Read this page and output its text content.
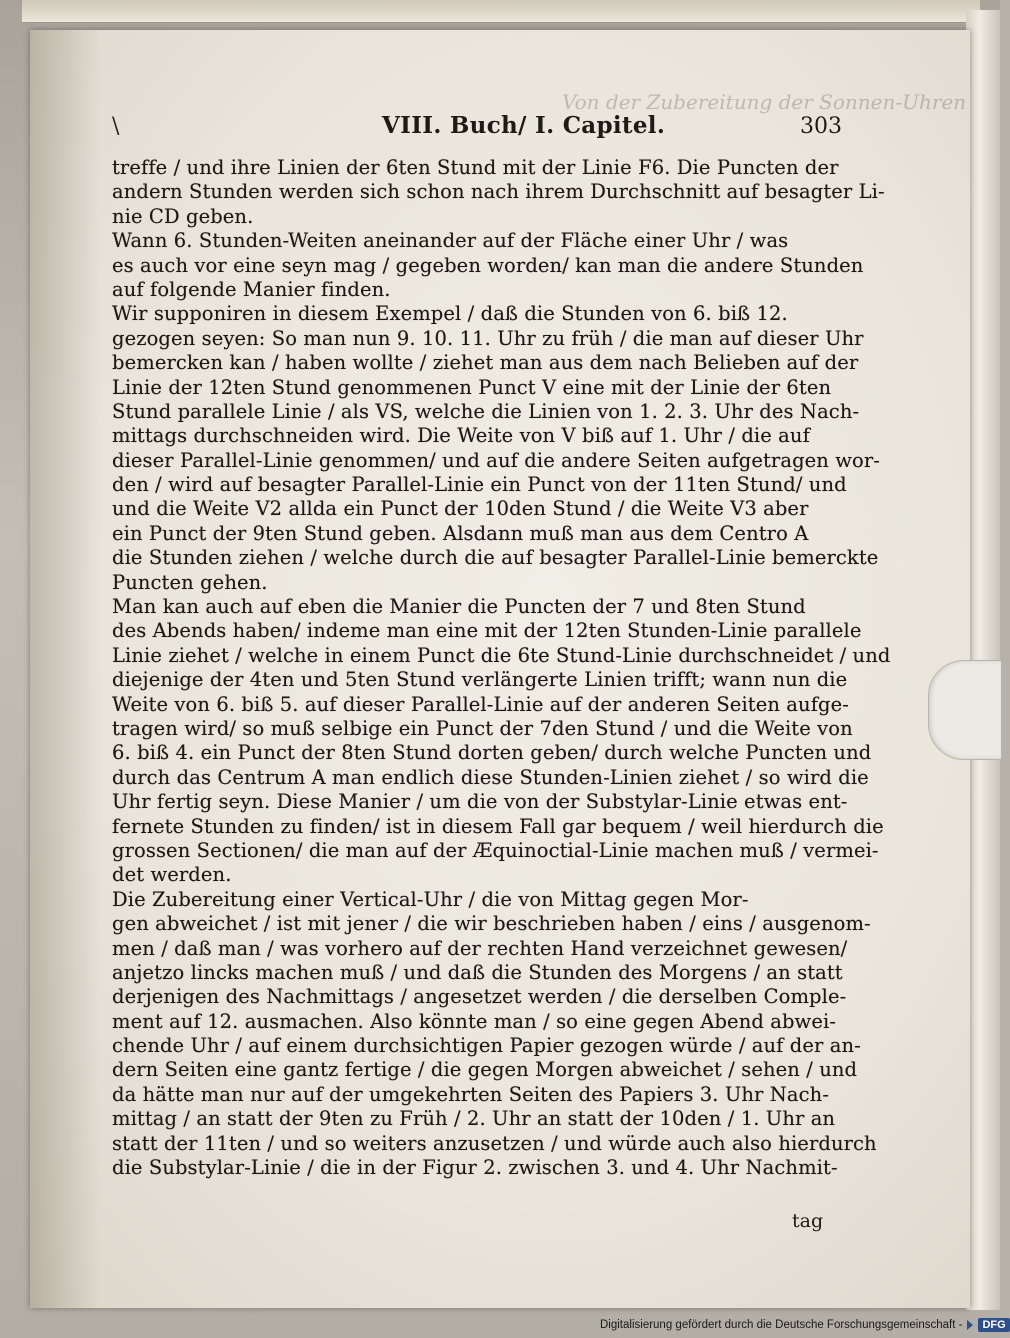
Von der Zubereitung der Sonnen-Uhren
\	VIII. Buch/ I. Capitel.	303
treffe / und ihre Linien der 6ten Stund mit der Linie F6. Die Puncten der
andern Stunden werden sich schon nach ihrem Durchschnitt auf besagter Li-
nie CD geben.
Wann 6. Stunden-Weiten aneinander auf der Fläche einer Uhr / was
es auch vor eine seyn mag / gegeben worden/ kan man die andere Stunden
auf folgende Manier finden.
Wir supponiren in diesem Exempel / daß die Stunden von 6. biß 12.
gezogen seyen: So man nun 9. 10. 11. Uhr zu früh / die man auf dieser Uhr
bemercken kan / haben wollte / ziehet man aus dem nach Belieben auf der
Linie der 12ten Stund genommenen Punct V eine mit der Linie der 6ten
Stund parallele Linie / als VS, welche die Linien von 1. 2. 3. Uhr des Nach-
mittags durchschneiden wird. Die Weite von V biß auf 1. Uhr / die auf
dieser Parallel-Linie genommen/ und auf die andere Seiten aufgetragen wor-
den / wird auf besagter Parallel-Linie ein Punct von der 11ten Stund/ und
und die Weite V2 allda ein Punct der 10den Stund / die Weite V3 aber
ein Punct der 9ten Stund geben. Alsdann muß man aus dem Centro A
die Stunden ziehen / welche durch die auf besagter Parallel-Linie bemerckte
Puncten gehen.
Man kan auch auf eben die Manier die Puncten der 7 und 8ten Stund
des Abends haben/ indeme man eine mit der 12ten Stunden-Linie parallele
Linie ziehet / welche in einem Punct die 6te Stund-Linie durchschneidet / und
diejenige der 4ten und 5ten Stund verlängerte Linien trifft; wann nun die
Weite von 6. biß 5. auf dieser Parallel-Linie auf der anderen Seiten aufge-
tragen wird/ so muß selbige ein Punct der 7den Stund / und die Weite von
6. biß 4. ein Punct der 8ten Stund dorten geben/ durch welche Puncten und
durch das Centrum A man endlich diese Stunden-Linien ziehet / so wird die
Uhr fertig seyn. Diese Manier / um die von der Substylar-Linie etwas ent-
fernete Stunden zu finden/ ist in diesem Fall gar bequem / weil hierdurch die
grossen Sectionen/ die man auf der Æquinoctial-Linie machen muß / vermei-
det werden.
Die Zubereitung einer Vertical-Uhr / die von Mittag gegen Mor-
gen abweichet / ist mit jener / die wir beschrieben haben / eins / ausgenom-
men / daß man / was vorhero auf der rechten Hand verzeichnet gewesen/
anjetzo lincks machen muß / und daß die Stunden des Morgens / an statt
derjenigen des Nachmittags / angesetzet werden / die derselben Comple-
ment auf 12. ausmachen. Also könnte man / so eine gegen Abend abwei-
chende Uhr / auf einem durchsichtigen Papier gezogen würde / auf der an-
dern Seiten eine gantz fertige / die gegen Morgen abweichet / sehen / und
da hätte man nur auf der umgekehrten Seiten des Papiers 3. Uhr Nach-
mittag / an statt der 9ten zu Früh / 2. Uhr an statt der 10den / 1. Uhr an
statt der 11ten / und so weiters anzusetzen / und würde auch also hierdurch
die Substylar-Linie / die in der Figur 2. zwischen 3. und 4. Uhr Nachmit-
tag
Digitalisierung gefördert durch die Deutsche Forschungsgemeinschaft -	DFG
